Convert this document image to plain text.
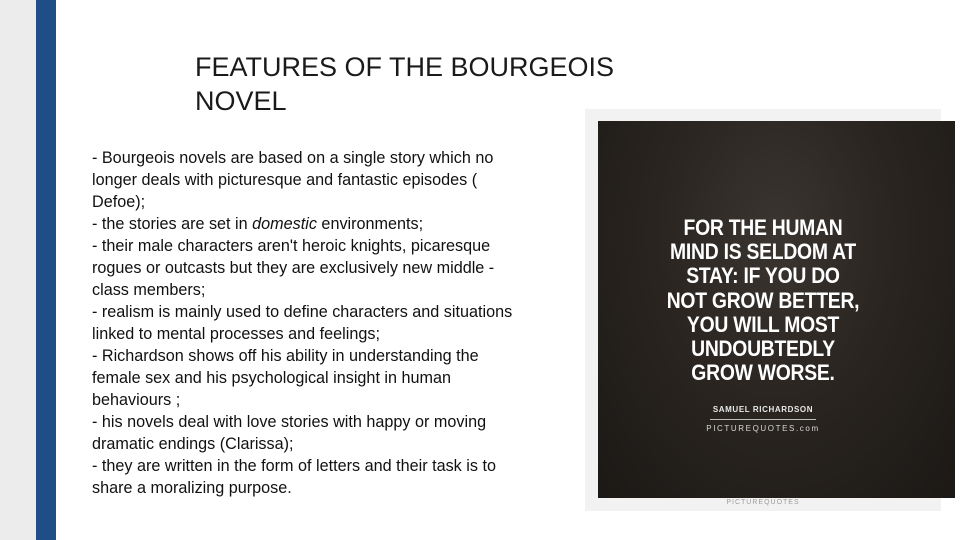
FEATURES OF THE BOURGEOIS
NOVEL
- Bourgeois novels are based on a single story which no
longer deals with picturesque and fantastic episodes (
Defoe);
- the stories are set in domestic environments;
- their male characters aren't heroic knights, picaresque
rogues or outcasts but they are exclusively new middle -
class members;
- realism is mainly used to define characters and situations
linked to mental processes and feelings;
- Richardson shows off his ability in understanding the
female sex and his psychological insight in human
behaviours ;
- his novels deal with love stories with happy or moving
dramatic endings (Clarissa);
- they are written in the form of letters and their task is to
share a moralizing purpose.
FOR THE HUMAN
MIND IS SELDOM AT
STAY: IF YOU DO
NOT GROW BETTER,
YOU WILL MOST
UNDOUBTEDLY
GROW WORSE.
SAMUEL RICHARDSON
PICTUREQUOTES.com
PICTUREQUOTES
